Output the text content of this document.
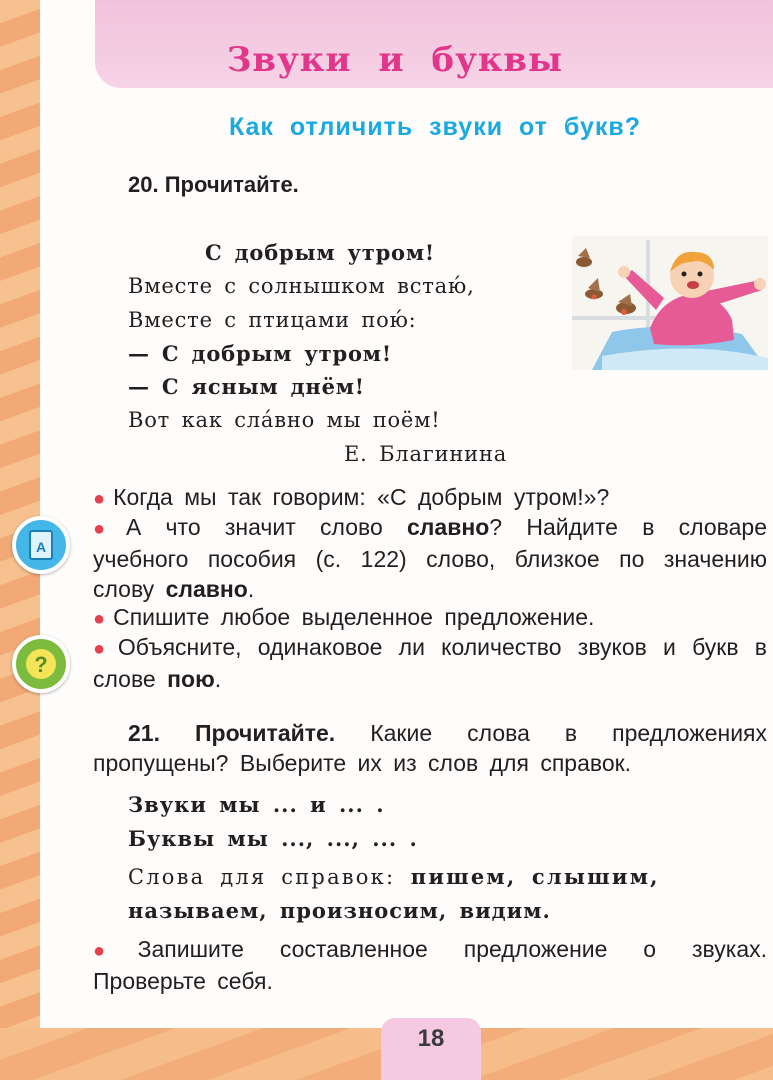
Звуки и буквы
Как отличить звуки от букв?
20. Прочитайте.
С добрым утром!
Вместе с солнышком встаю́,
Вместе с птицами пою́:
— С добрым утром!
— С ясным днём!
Вот как сла́вно мы поём!
Е. Благинина
A
?
● Когда мы так говорим: «С добрым утром!»?
● А что значит слово славно? Найдите в словаре учебного пособия (с. 122) слово, близкое по значению слову славно.
● Спишите любое выделенное предложение.
● Объясните, одинаковое ли количество звуков и букв в слове пою.
21. Прочитайте. Какие слова в предложениях пропущены? Выберите их из слов для справок.
Звуки мы ... и ... .
Буквы мы ..., ..., ... .
Слова для справок: пишем, слышим,
называем, произносим, видим.
● Запишите составленное предложение о звуках. Проверьте себя.
18
